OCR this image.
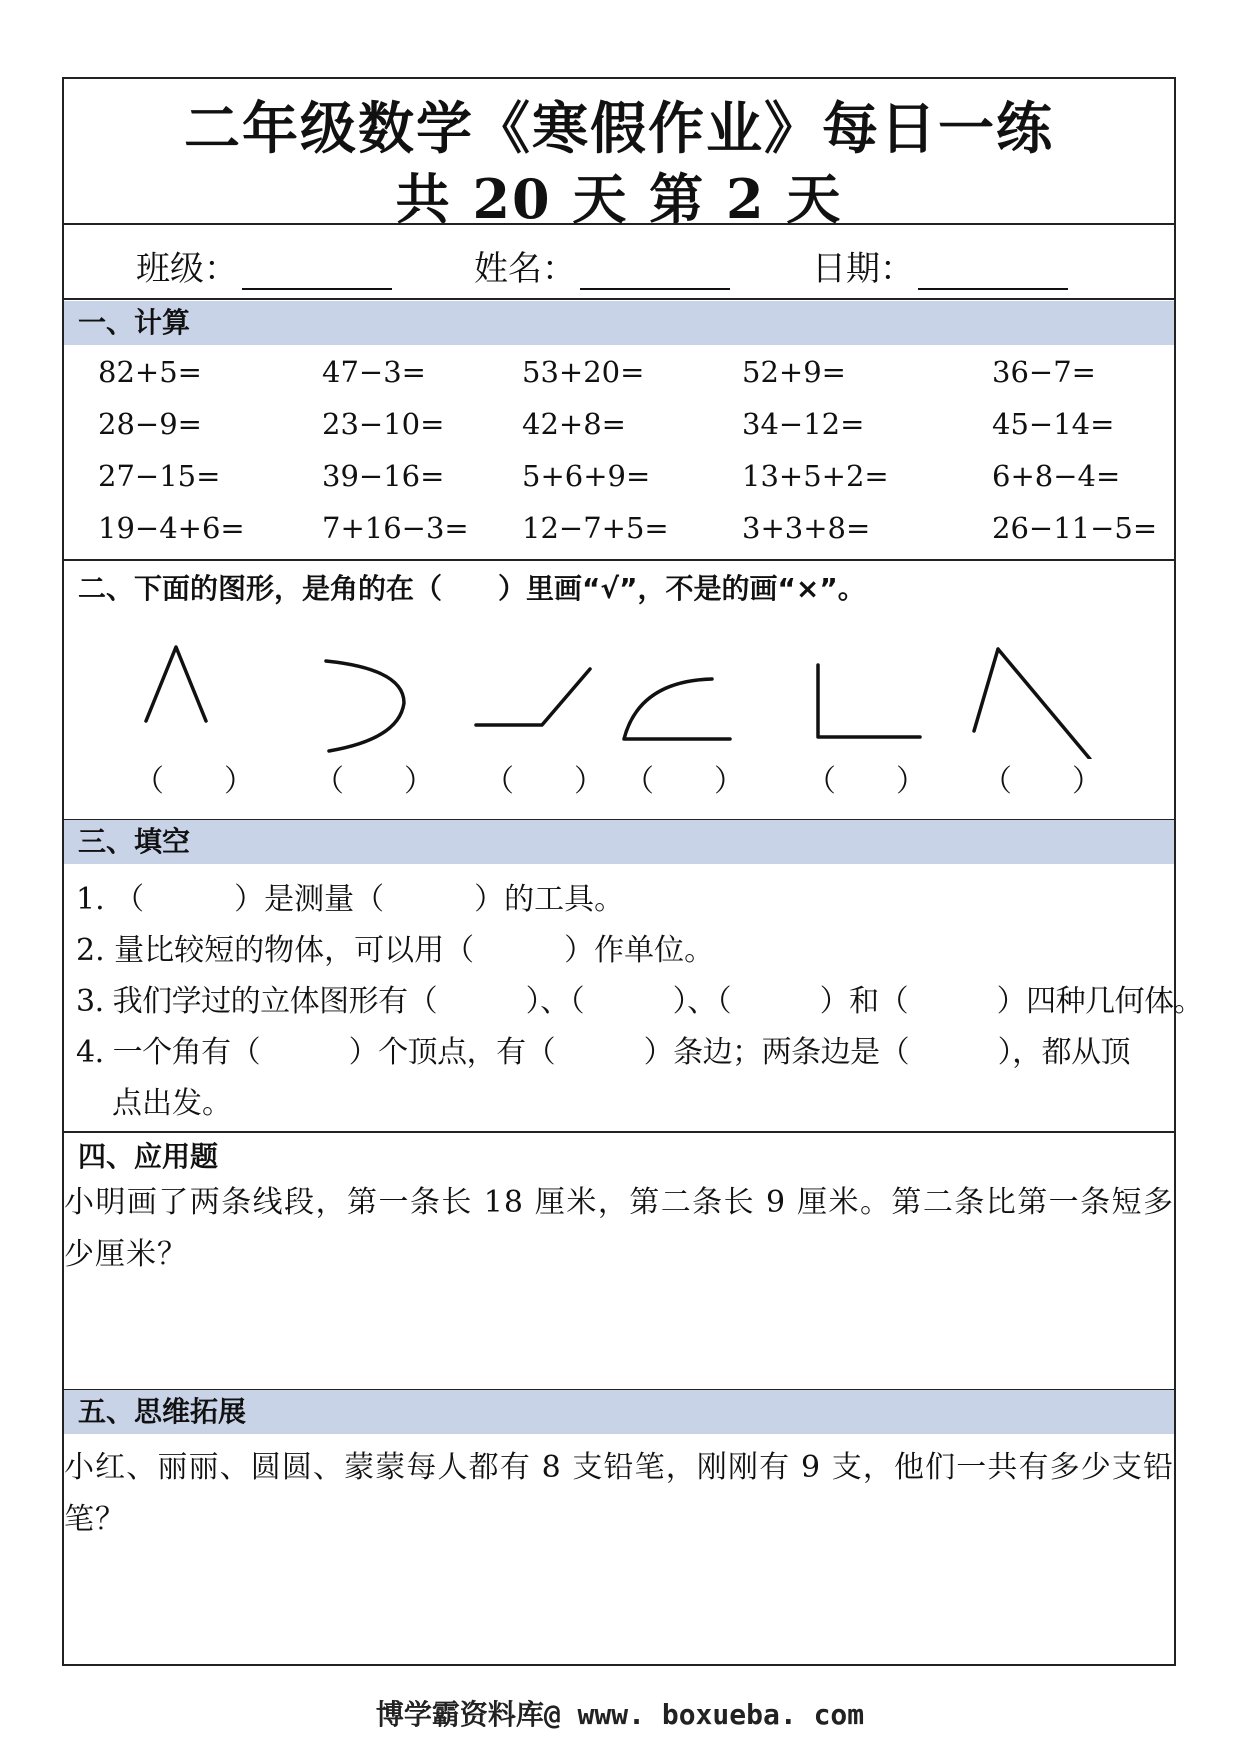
二年级数学《寒假作业》每日一练
共 20 天 第 2 天
班级：	姓名：	日期：
一、计算
82+5=	47−3=	53+20=	52+9=	36−7=
28−9=	23−10=	42+8=	34−12=	45−14=
27−15=	39−16=	5+6+9=	13+5+2=	6+8−4=
19−4+6=	7+16−3= 12−7+5=	3+3+8=	26−11−5=
二、下面的图形，是角的在（　　）里画“√”，不是的画“×”。
（　　） （　　） （　　） （　　） （　　） （　　）
三、填空
1. （　　　）是测量（　　　）的工具。
2. 量比较短的物体，可以用（　　　）作单位。
3. 我们学过的立体图形有（　　　）、（　　　）、（　　　）和（　　　）四种几何体。
4. 一个角有（　　　）个顶点，有（　　　）条边；两条边是（　　　），都从顶
点出发。
四、应用题
小明画了两条线段，第一条长 18 厘米，第二条长 9 厘米。第二条比第一条短多少厘米？
五、思维拓展
小红、丽丽、圆圆、蒙蒙每人都有 8 支铅笔，刚刚有 9 支，他们一共有多少支铅笔？
博学霸资料库@ www. boxueba. com
